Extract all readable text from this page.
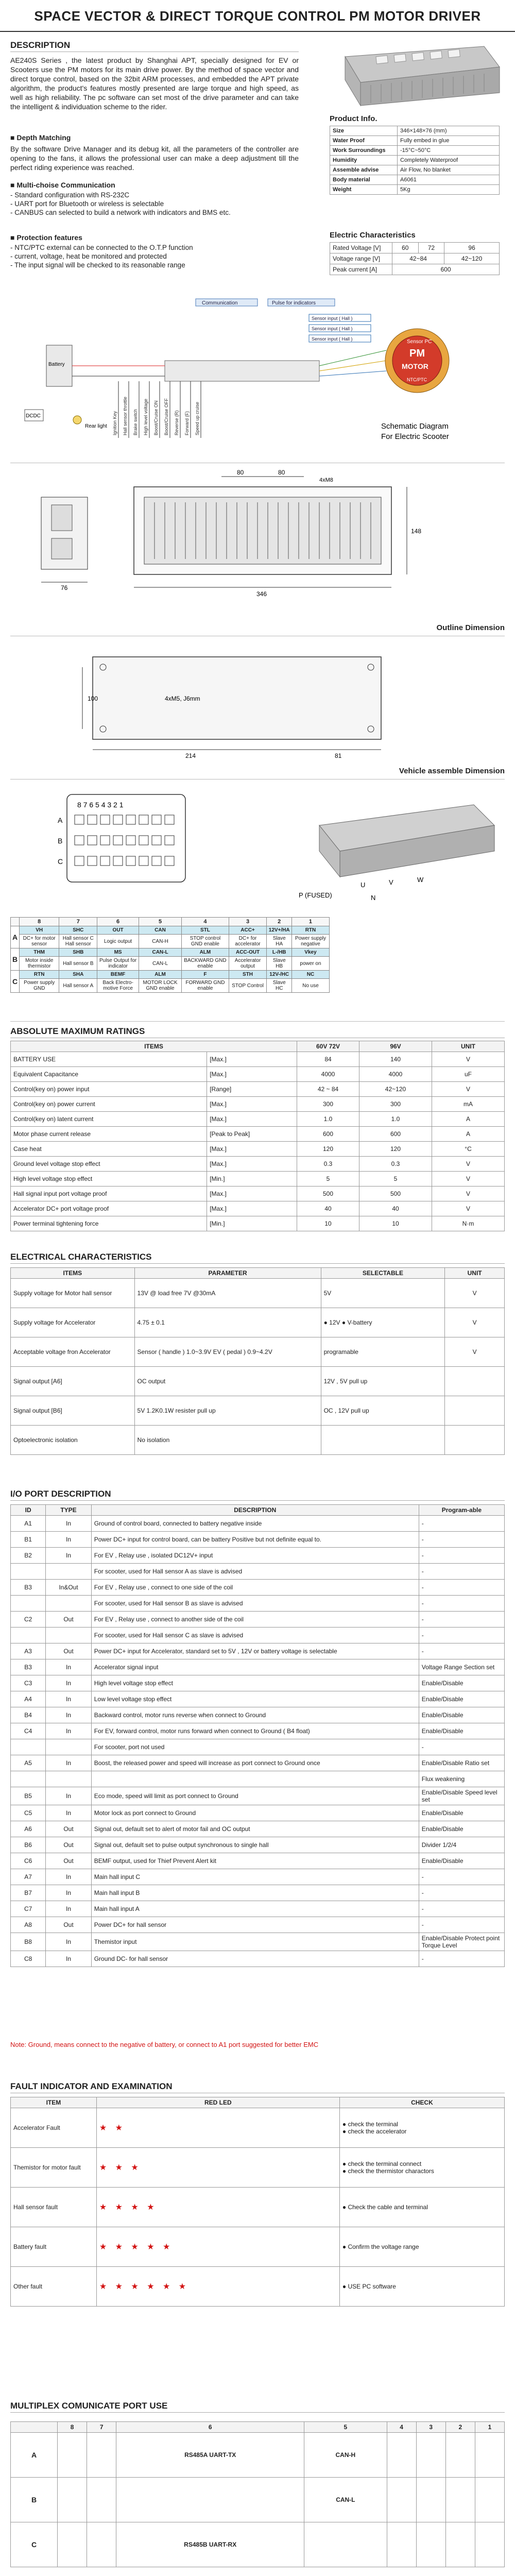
SPACE VECTOR & DIRECT TORQUE CONTROL PM MOTOR DRIVER
DESCRIPTION
AE240S Series , the latest product by Shanghai APT, specially designed for EV or Scooters use the PM motors for its main drive power. By the method of space vector and direct torque control, based on the 32bit ARM processes, and embedded the APT private algorithm, the product's features mostly presented are large torque and high speed, as well as high reliability. The pc software can set most of the drive parameter and can take the intelligent & individuation scheme to the rider.
■ Depth Matching
By the software Drive Manager and its debug kit, all the parameters of the controller are opening to the fans, it allows the professional user can make a deep adjustment till the perfect riding experience was reached.
■ Multi-choise Communication
- Standard configuration with RS-232C
- UART port for Bluetooth or wireless is selectable
- CANBUS can selected to build a network with indicators and BMS etc.
■ Protection features
- NTC/PTC external can be connected to the O.T.P function
- current, voltage, heat be monitored and protected
- The input signal will be checked to its reasonable range
Product Info.
Size	346×148×76 (mm)
Water Proof	Fully embed in glue
Work Surroundings	-15°C~50°C
Humidity	Completely Waterproof
Assemble advise	Air Flow, No blanket
Body material	A6061
Weight	5Kg
Electric Characteristics
Rated Voltage [V]	60	72	96
Voltage range [V]	42~84		42~120
Peak current [A]	600		
Communication	Pulse for indicators
Sensor input ( Hall )
Sensor input ( Hall )
Sensor input ( Hall )
Battery
DCDC
Rear light Ignition Key Hall sensor throttle Brake switch High level voltage Boost/Cruise ON Boost/Cruise OFF Reverse (R) Forward (F) Speed up cruise
Sensor PC
PM
MOTOR
NTC/PTC
Schematic Diagram
For Electric Scooter
76
80	80
4xM8
148
346
Outline Dimension
100	4xM5, J6mm
214	81
Vehicle assemble Dimension
8 7 6 5 4 3 2 1
A
B
C
U	V	W
P (FUSED)	N
	8	7	6	5	4	3	2	1
A	VH	SHC	OUT	CAN	STL	ACC+	12V+/HA	RTN
	DC+ for motor sensor	Hall sensor C Hall sensor	Logic output	CAN-H	STOP control GND enable	DC+ for accelerator	Slave HA	Power supply negative
B	THM	SHB	MS	CAN-L	ALM	ACC-OUT	L-/HB	Vkey
	Motor inside thermistor	Hall sensor B	Pulse Output for indicator	CAN-L	BACKWARD GND enable	Accelerator output	Slave HB	power on
C	RTN	SHA	BEMF	ALM	F	STH	12V-/HC	NC
	Power supply GND	Hall sensor A	Back Electro-motive Force	MOTOR LOCK GND enable	FORWARD GND enable	STOP Control	Slave HC	No use
ABSOLUTE MAXIMUM RATINGS
ITEMS		60V 72V	96V	UNIT
BATTERY USE	[Max.]	84	140	V
Equivalent Capacitance	[Max.]	4000	4000	uF
Control(key on) power input	[Range]	42 ~ 84	42~120	V
Control(key on) power current	[Max.]	300	300	mA
Control(key on) latent current	[Max.]	1.0	1.0	A
Motor phase current release	[Peak to Peak]	600	600	A
Case heat	[Max.]	120	120	°C
Ground level voltage stop effect	[Max.]	0.3	0.3	V
High level voltage stop effect	[Min.]	5	5	V
Hall signal input port voltage proof	[Max.]	500	500	V
Accelerator DC+ port voltage proof	[Max.]	40	40	V
Power terminal tightening force	[Min.]	10	10	N·m
ELECTRICAL CHARACTERISTICS
ITEMS	PARAMETER	SELECTABLE	UNIT
Supply voltage for Motor hall sensor	13V @ load free 7V @30mA	5V	V
Supply voltage for Accelerator	4.75 ± 0.1	● 12V ● V-battery	V
Acceptable voltage fron Accelerator	Sensor ( handle ) 1.0~3.9V EV ( pedal ) 0.9~4.2V	programable	V
Signal output [A6]	OC output	12V , 5V pull up	
Signal output [B6]	5V 1.2K0.1W resister pull up	OC , 12V pull up	
Optoelectronic isolation	No isolation		
I/O PORT DESCRIPTION
ID	TYPE	DESCRIPTION	Program-able
A1	In	Ground of control board, connected to battery negative inside	-
B1	In	Power DC+ input for control board, can be battery Positive but not definite equal to.	-
B2	In	For EV , Relay use , isolated DC12V+ input	-
		For scooter, used for Hall sensor A as slave is advised	-
B3	In&Out	For EV , Relay use , connect to one side of the coil	-
		For scooter, used for Hall sensor B as slave is advised	-
C2	Out	For EV , Relay use , connect to another side of the coil	-
		For scooter, used for Hall sensor C as slave is advised	-
A3	Out	Power DC+ input for Accelerator, standard set to 5V , 12V or battery voltage is selectable	-
B3	In	Accelerator signal input	Voltage Range Section set
C3	In	High level voltage stop effect	Enable/Disable
A4	In	Low level voltage stop effect	Enable/Disable
B4	In	Backward control, motor runs reverse when connect to Ground	Enable/Disable
C4	In	For EV, forward control, motor runs forward when connect to Ground ( B4 float)	Enable/Disable
		For scooter, port not used	-
A5	In	Boost, the released power and speed will increase as port connect to Ground once	Enable/Disable Ratio set
			Flux weakening
B5	In	Eco mode, speed will limit as port connect to Ground	Enable/Disable Speed level set
C5	In	Motor lock as port connect to Ground	Enable/Disable
A6	Out	Signal out, default set to alert of motor fail and OC output	Enable/Disable
B6	Out	Signal out, default set to pulse output synchronous to single hall	Divider 1/2/4
C6	Out	BEMF output, used for Thief Prevent Alert kit	Enable/Disable
A7	In	Main hall input C	-
B7	In	Main hall input B	-
C7	In	Main hall input A	-
A8	Out	Power DC+ for hall sensor	-
B8	In	Themistor input	Enable/Disable Protect point Torque Level
C8	In	Ground DC- for hall sensor	-
Note: Ground, means connect to the negative of battery, or connect to A1 port suggested for better EMC
FAULT INDICATOR AND EXAMINATION
ITEM	RED LED	CHECK
Accelerator Fault	★ ★	● check the terminal
● check the accelerator

Themistor for motor fault	★ ★ ★	● check the terminal connect
● check the thermistor charactors

Hall sensor fault	★ ★ ★ ★	● Check the cable and terminal

Battery fault	★ ★ ★ ★ ★	● Confirm the voltage range

Other fault	★ ★ ★ ★ ★ ★	● USE PC software
MULTIPLEX COMUNICATE PORT USE
	8	7	6	5	4	3	2	1
A			RS485A UART-TX	CAN-H				
B				CAN-L				
C			RS485B UART-RX					
